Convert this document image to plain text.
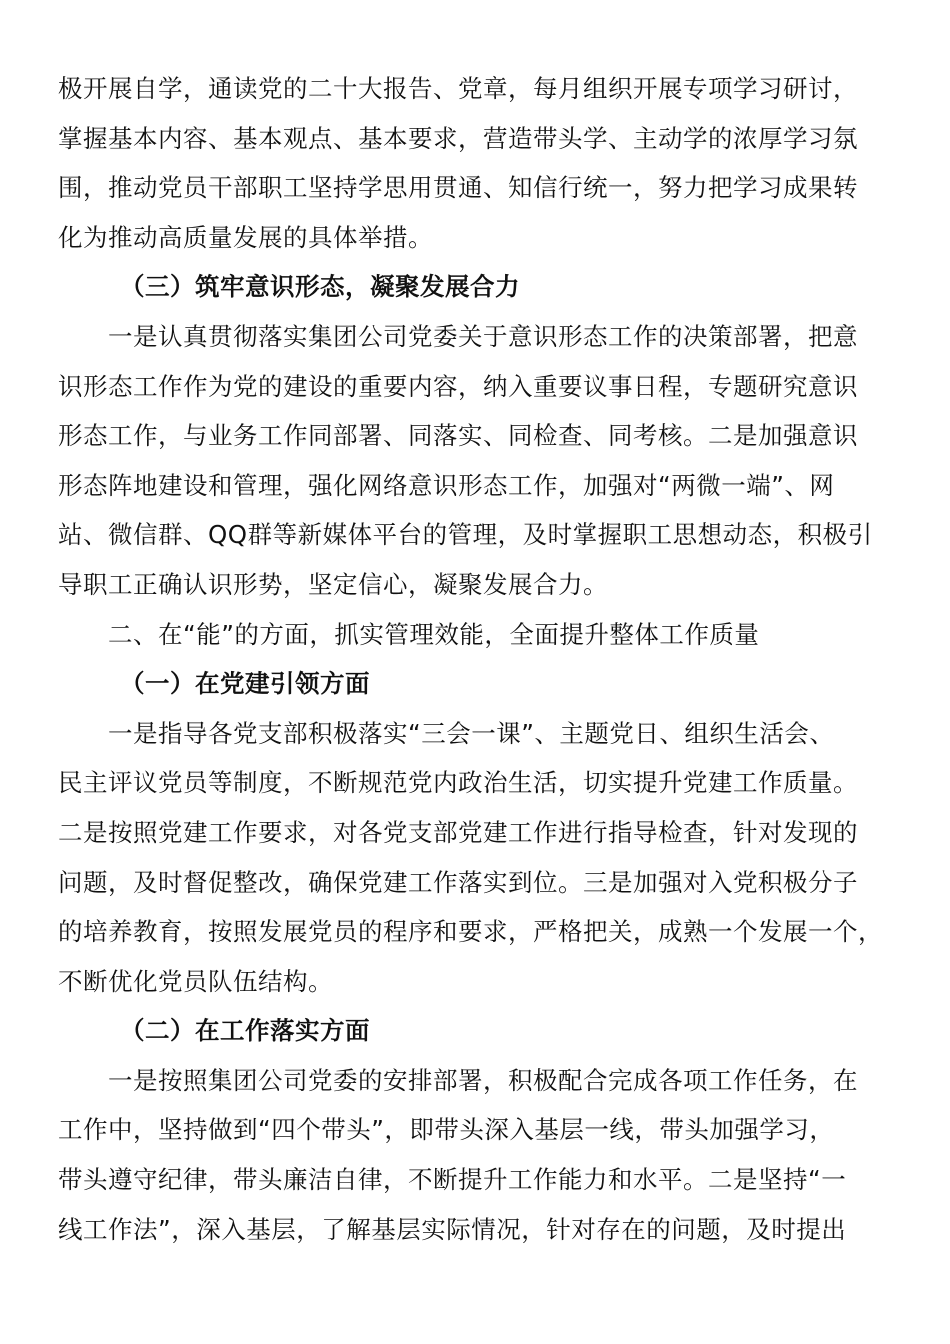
极开展自学，通读党的二十大报告、党章，每月组织开展专项学习研讨，
掌握基本内容、基本观点、基本要求，营造带头学、主动学的浓厚学习氛
围，推动党员干部职工坚持学思用贯通、知信行统一，努力把学习成果转
化为推动高质量发展的具体举措。
（三）筑牢意识形态，凝聚发展合力
一是认真贯彻落实集团公司党委关于意识形态工作的决策部署，把意
识形态工作作为党的建设的重要内容，纳入重要议事日程，专题研究意识
形态工作，与业务工作同部署、同落实、同检查、同考核。二是加强意识
形态阵地建设和管理，强化网络意识形态工作，加强对“两微一端”、网
站、微信群、QQ群等新媒体平台的管理，及时掌握职工思想动态，积极引
导职工正确认识形势，坚定信心，凝聚发展合力。
二、在“能”的方面，抓实管理效能，全面提升整体工作质量
（一）在党建引领方面
一是指导各党支部积极落实“三会一课”、主题党日、组织生活会、
民主评议党员等制度，不断规范党内政治生活，切实提升党建工作质量。
二是按照党建工作要求，对各党支部党建工作进行指导检查，针对发现的
问题，及时督促整改，确保党建工作落实到位。三是加强对入党积极分子
的培养教育，按照发展党员的程序和要求，严格把关，成熟一个发展一个，
不断优化党员队伍结构。
（二）在工作落实方面
一是按照集团公司党委的安排部署，积极配合完成各项工作任务，在
工作中，坚持做到“四个带头”，即带头深入基层一线，带头加强学习，
带头遵守纪律，带头廉洁自律，不断提升工作能力和水平。二是坚持“一
线工作法”，深入基层，了解基层实际情况，针对存在的问题，及时提出
